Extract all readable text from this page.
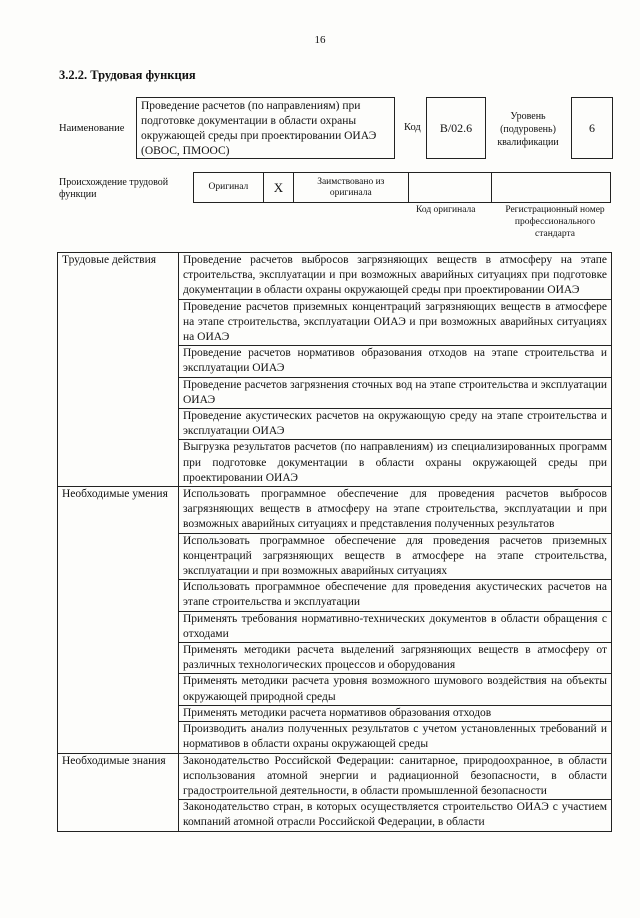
16
3.2.2. Трудовая функция
Наименование
Проведение расчетов (по направлениям) при подготовке документации в области охраны окружающей среды при проектировании ОИАЭ (ОВОС, ПМООС)
Код	В/02.6
Уровень (подуровень) квалификации
6
Происхождение трудовой функции
Оригинал	X	Заимствовано из оригинала		
Код оригинала	Регистрационный номер профессионального стандарта
Трудовые действия	Проведение расчетов выбросов загрязняющих веществ в атмосферу на этапе строительства, эксплуатации и при возможных аварийных ситуациях при подготовке документации в области охраны окружающей среды при проектировании ОИАЭ
	Проведение расчетов приземных концентраций загрязняющих веществ в атмосфере на этапе строительства, эксплуатации ОИАЭ и при возможных аварийных ситуациях на ОИАЭ
	Проведение расчетов нормативов образования отходов на этапе строительства и эксплуатации ОИАЭ
	Проведение расчетов загрязнения сточных вод на этапе строительства и эксплуатации ОИАЭ
	Проведение акустических расчетов на окружающую среду на этапе строительства и эксплуатации ОИАЭ
	Выгрузка результатов расчетов (по направлениям) из специализированных программ при подготовке документации в области охраны окружающей среды при проектировании ОИАЭ
Необходимые умения	Использовать программное обеспечение для проведения расчетов выбросов загрязняющих веществ в атмосферу на этапе строительства, эксплуатации и при возможных аварийных ситуациях и представления полученных результатов
	Использовать программное обеспечение для проведения расчетов приземных концентраций загрязняющих веществ в атмосфере на этапе строительства, эксплуатации и при возможных аварийных ситуациях
	Использовать программное обеспечение для проведения акустических расчетов на этапе строительства и эксплуатации
	Применять требования нормативно-технических документов в области обращения с отходами
	Применять методики расчета выделений загрязняющих веществ в атмосферу от различных технологических процессов и оборудования
	Применять методики расчета уровня возможного шумового воздействия на объекты окружающей природной среды
	Применять методики расчета нормативов образования отходов
	Производить анализ полученных результатов с учетом установленных требований и нормативов в области охраны окружающей среды
Необходимые знания	Законодательство Российской Федерации: санитарное, природоохранное, в области использования атомной энергии и радиационной безопасности, в области градостроительной деятельности, в области промышленной безопасности
	Законодательство стран, в которых осуществляется строительство ОИАЭ с участием компаний атомной отрасли Российской Федерации, в области
